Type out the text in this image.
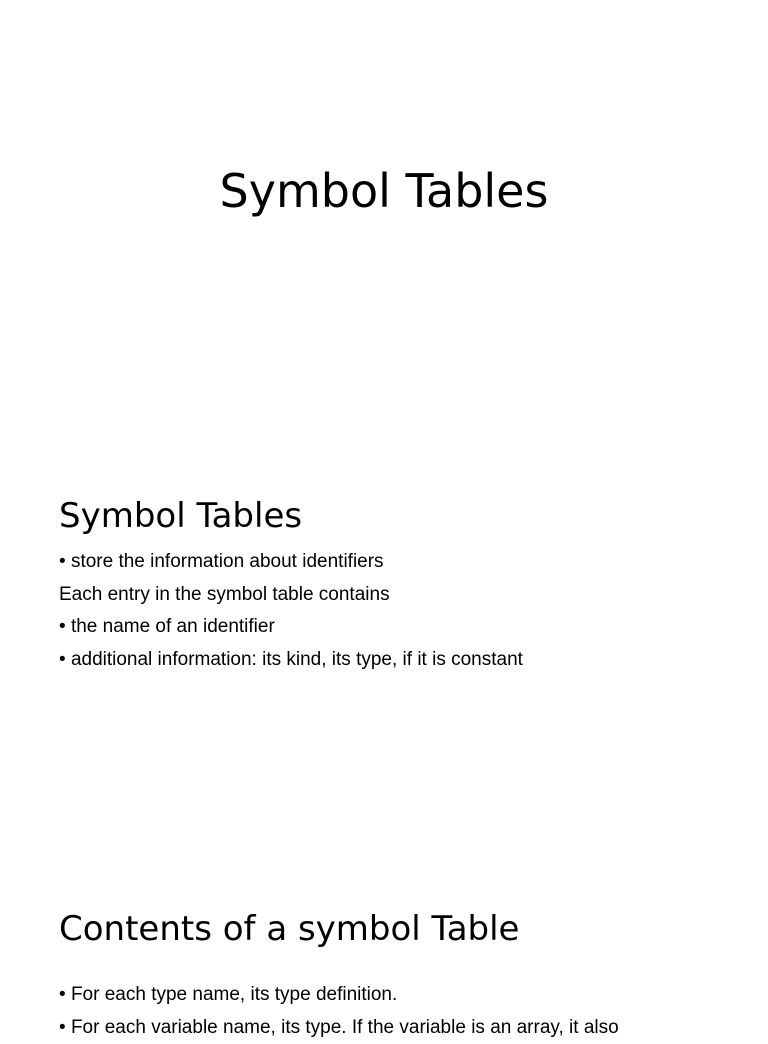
Symbol Tables
Symbol Tables
• store the information about identifiers
Each entry in the symbol table contains
• the name of an identifier
• additional information: its kind, its type, if it is constant
Contents of a symbol Table
• For each type name, its type definition.
• For each variable name, its type. If the variable is an array, it also
